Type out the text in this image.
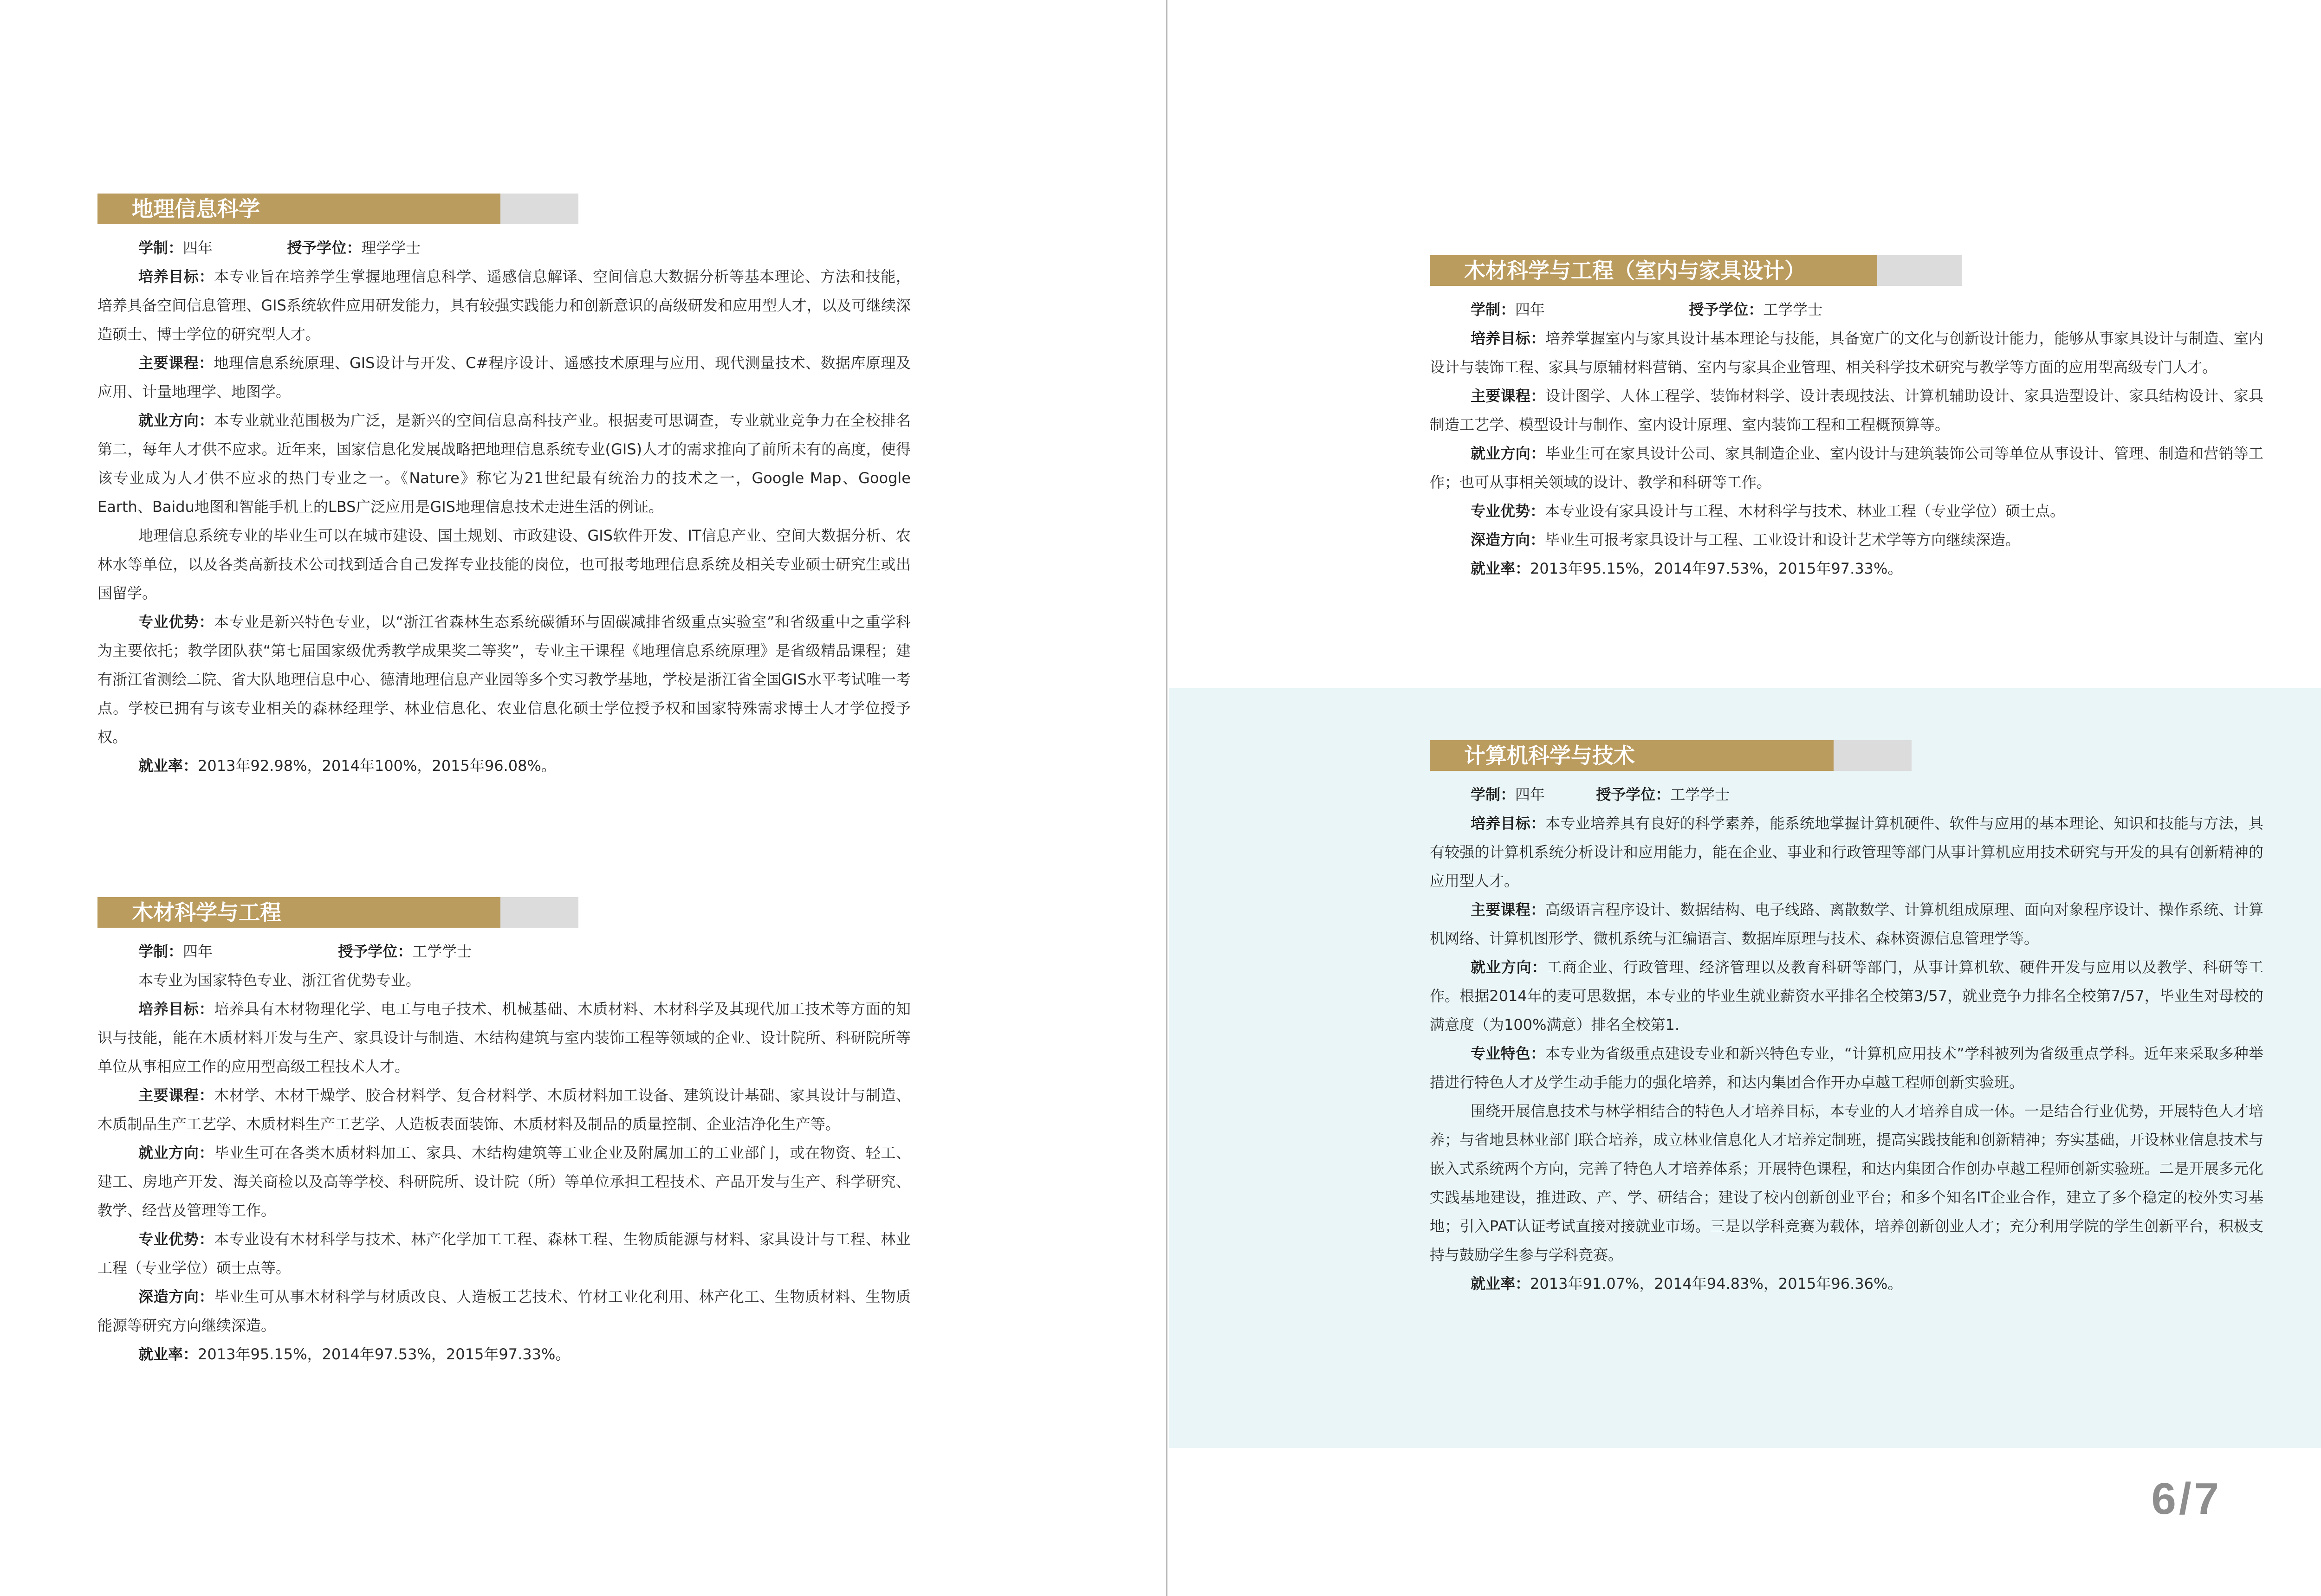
地理信息科学
学制：四年	授予学位：理学学士

培养目标：本专业旨在培养学生掌握地理信息科学、遥感信息解译、空间信息大数据分析等基本理论、方法和技能，培养具备空间信息管理、GIS系统软件应用研发能力，具有较强实践能力和创新意识的高级研发和应用型人才，以及可继续深造硕士、博士学位的研究型人才。

主要课程：地理信息系统原理、GIS设计与开发、C#程序设计、遥感技术原理与应用、现代测量技术、数据库原理及应用、计量地理学、地图学。

就业方向：本专业就业范围极为广泛，是新兴的空间信息高科技产业。根据麦可思调查，专业就业竞争力在全校排名第二，每年人才供不应求。近年来，国家信息化发展战略把地理信息系统专业(GIS)人才的需求推向了前所未有的高度，使得该专业成为人才供不应求的热门专业之一。《Nature》称它为21世纪最有统治力的技术之一，Google Map、Google Earth、Baidu地图和智能手机上的LBS广泛应用是GIS地理信息技术走进生活的例证。

地理信息系统专业的毕业生可以在城市建设、国土规划、市政建设、GIS软件开发、IT信息产业、空间大数据分析、农林水等单位，以及各类高新技术公司找到适合自己发挥专业技能的岗位，也可报考地理信息系统及相关专业硕士研究生或出国留学。

专业优势：本专业是新兴特色专业，以“浙江省森林生态系统碳循环与固碳减排省级重点实验室”和省级重中之重学科为主要依托；教学团队获“第七届国家级优秀教学成果奖二等奖”，专业主干课程《地理信息系统原理》是省级精品课程；建有浙江省测绘二院、省大队地理信息中心、德清地理信息产业园等多个实习教学基地，学校是浙江省全国GIS水平考试唯一考点。学校已拥有与该专业相关的森林经理学、林业信息化、农业信息化硕士学位授予权和国家特殊需求博士人才学位授予权。

就业率：2013年92.98%，2014年100%，2015年96.08%。

木材科学与工程
学制：四年	授予学位：工学学士

本专业为国家特色专业、浙江省优势专业。

培养目标：培养具有木材物理化学、电工与电子技术、机械基础、木质材料、木材科学及其现代加工技术等方面的知识与技能，能在木质材料开发与生产、家具设计与制造、木结构建筑与室内装饰工程等领域的企业、设计院所、科研院所等单位从事相应工作的应用型高级工程技术人才。

主要课程：木材学、木材干燥学、胶合材料学、复合材料学、木质材料加工设备、建筑设计基础、家具设计与制造、木质制品生产工艺学、木质材料生产工艺学、人造板表面装饰、木质材料及制品的质量控制、企业洁净化生产等。

就业方向：毕业生可在各类木质材料加工、家具、木结构建筑等工业企业及附属加工的工业部门，或在物资、轻工、建工、房地产开发、海关商检以及高等学校、科研院所、设计院（所）等单位承担工程技术、产品开发与生产、科学研究、教学、经营及管理等工作。

专业优势：本专业设有木材科学与技术、林产化学加工工程、森林工程、生物质能源与材料、家具设计与工程、林业工程（专业学位）硕士点等。

深造方向：毕业生可从事木材科学与材质改良、人造板工艺技术、竹材工业化利用、林产化工、生物质材料、生物质能源等研究方向继续深造。

就业率：2013年95.15%，2014年97.53%，2015年97.33%。

木材科学与工程（室内与家具设计）
学制：四年	授予学位：工学学士

培养目标：培养掌握室内与家具设计基本理论与技能，具备宽广的文化与创新设计能力，能够从事家具设计与制造、室内设计与装饰工程、家具与原辅材料营销、室内与家具企业管理、相关科学技术研究与教学等方面的应用型高级专门人才。

主要课程：设计图学、人体工程学、装饰材料学、设计表现技法、计算机辅助设计、家具造型设计、家具结构设计、家具制造工艺学、模型设计与制作、室内设计原理、室内装饰工程和工程概预算等。

就业方向：毕业生可在家具设计公司、家具制造企业、室内设计与建筑装饰公司等单位从事设计、管理、制造和营销等工作；也可从事相关领域的设计、教学和科研等工作。

专业优势：本专业设有家具设计与工程、木材科学与技术、林业工程（专业学位）硕士点。

深造方向：毕业生可报考家具设计与工程、工业设计和设计艺术学等方向继续深造。

就业率：2013年95.15%，2014年97.53%，2015年97.33%。

计算机科学与技术
学制：四年	授予学位：工学学士

培养目标：本专业培养具有良好的科学素养，能系统地掌握计算机硬件、软件与应用的基本理论、知识和技能与方法，具有较强的计算机系统分析设计和应用能力，能在企业、事业和行政管理等部门从事计算机应用技术研究与开发的具有创新精神的应用型人才。

主要课程：高级语言程序设计、数据结构、电子线路、离散数学、计算机组成原理、面向对象程序设计、操作系统、计算机网络、计算机图形学、微机系统与汇编语言、数据库原理与技术、森林资源信息管理学等。

就业方向：工商企业、行政管理、经济管理以及教育科研等部门，从事计算机软、硬件开发与应用以及教学、科研等工作。根据2014年的麦可思数据，本专业的毕业生就业薪资水平排名全校第3/57，就业竞争力排名全校第7/57，毕业生对母校的满意度（为100%满意）排名全校第1.

专业特色：本专业为省级重点建设专业和新兴特色专业，“计算机应用技术”学科被列为省级重点学科。近年来采取多种举措进行特色人才及学生动手能力的强化培养，和达内集团合作开办卓越工程师创新实验班。

围绕开展信息技术与林学相结合的特色人才培养目标，本专业的人才培养自成一体。一是结合行业优势，开展特色人才培养；与省地县林业部门联合培养，成立林业信息化人才培养定制班，提高实践技能和创新精神；夯实基础，开设林业信息技术与嵌入式系统两个方向，完善了特色人才培养体系；开展特色课程，和达内集团合作创办卓越工程师创新实验班。二是开展多元化实践基地建设，推进政、产、学、研结合；建设了校内创新创业平台；和多个知名IT企业合作，建立了多个稳定的校外实习基地；引入PAT认证考试直接对接就业市场。三是以学科竞赛为载体，培养创新创业人才；充分利用学院的学生创新平台，积极支持与鼓励学生参与学科竞赛。

就业率：2013年91.07%，2014年94.83%，2015年96.36%。

6/7
